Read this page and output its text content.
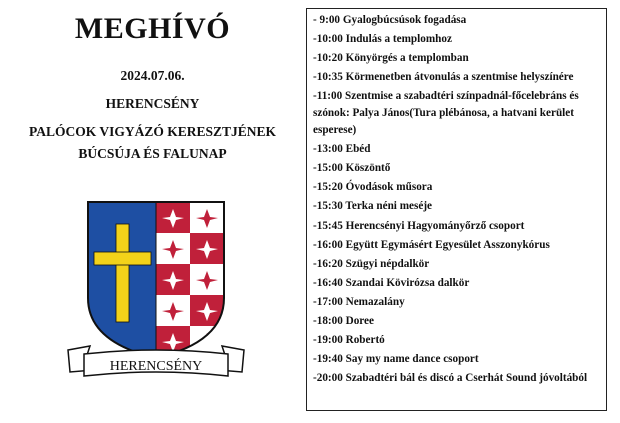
MEGHÍVÓ
2024.07.06.
HERENCSÉNY
PALÓCOK VIGYÁZÓ KERESZTJÉNEK
BÚCSÚJA ÉS FALUNAP
HERENCSÉNY
- 9:00 Gyalogbúcsúsok fogadása
-10:00 Indulás a templomhoz
-10:20 Könyörgés a templomban
-10:35 Körmenetben átvonulás a szentmise helyszínére
-11:00 Szentmise a szabadtéri színpadnál-főcelebráns és szónok: Palya János(Tura plébánosa, a hatvani kerület esperese)
-13:00 Ebéd
-15:00 Köszöntő
-15:20 Óvodások műsora
-15:30 Terka néni meséje
-15:45 Herencsényi Hagyományőrző csoport
-16:00 Együtt Egymásért Egyesület Asszonykórus
-16:20 Szügyi népdalkör
-16:40 Szandai Kövirózsa dalkör
-17:00 Nemazalány
-18:00 Doree
-19:00 Robertó
-19:40 Say my name dance csoport
-20:00 Szabadtéri bál és discó a Cserhát Sound jóvoltából
